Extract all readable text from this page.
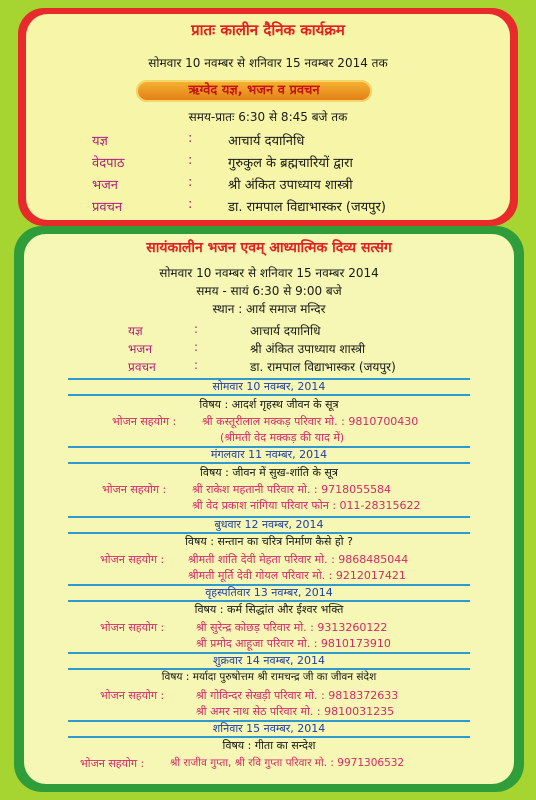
प्रातः कालीन दैनिक कार्यक्रम
सोमवार 10 नवम्बर से शनिवार 15 नवम्बर 2014 तक
ऋग्वेद यज्ञ, भजन व प्रवचन
समय-प्रातः 6:30 से 8:45 बजे तक
यज्ञ	:	आचार्य दयानिधि
वेदपाठ	:	गुरुकुल के ब्रह्मचारियों द्वारा
भजन	:	श्री अंकित उपाध्याय शास्त्री
प्रवचन	:	डा. रामपाल विद्याभास्कर (जयपुर)
सायंकालीन भजन एवम् आध्यात्मिक दिव्य सत्संग
सोमवार 10 नवम्बर से शनिवार 15 नवम्बर 2014
समय - सायं 6:30 से 9:00 बजे
स्थान : आर्य समाज मन्दिर
यज्ञ	:	आचार्य दयानिधि
भजन	:	श्री अंकित उपाध्याय शास्त्री
प्रवचन	:	डा. रामपाल विद्याभास्कर (जयपुर)
सोमवार 10 नवम्बर, 2014
विषय : आदर्श गृहस्थ जीवन के सूत्र
भोजन सहयोग : श्री कस्तूरीलाल मक्कड़ परिवार मो. : 9810700430
(श्रीमती वेद मक्कड़ की याद में)
मंगलवार 11 नवम्बर, 2014
विषय : जीवन में सुख-शांति के सूत्र
भोजन सहयोग : श्री राकेश महतानी परिवार मो. : 9718055584
श्री वेद प्रकाश नांगिया परिवार फोन : 011-28315622
बुधवार 12 नवम्बर, 2014
विषय : सन्तान का चरित्र निर्माण कैसे हो ?
भोजन सहयोग : श्रीमती शांति देवी मेहता परिवार मो. : 9868485044
श्रीमती मूर्ति देवी गोयल परिवार मो. : 9212017421
वृहस्पतिवार 13 नवम्बर, 2014
विषय : कर्म सिद्धांत और ईश्वर भक्ति
भोजन सहयोग :	श्री सुरेन्द्र कोछड़ परिवार मो. : 9313260122
श्री प्रमोद आहूजा परिवार मो. : 9810173910
शुक्रवार 14 नवम्बर, 2014
विषय : मर्यादा पुरुषोत्तम श्री रामचन्द्र जी का जीवन संदेश
भोजन सहयोग :	श्री गोविन्दर सेखड़ी परिवार मो. : 9818372633
श्री अमर नाथ सेठ परिवार मो. : 9810031235
शनिवार 15 नवम्बर, 2014
विषय : गीता का सन्देश
भोजन सहयोग : श्री राजीव गुप्ता, श्री रवि गुप्ता परिवार मो. : 9971306532
